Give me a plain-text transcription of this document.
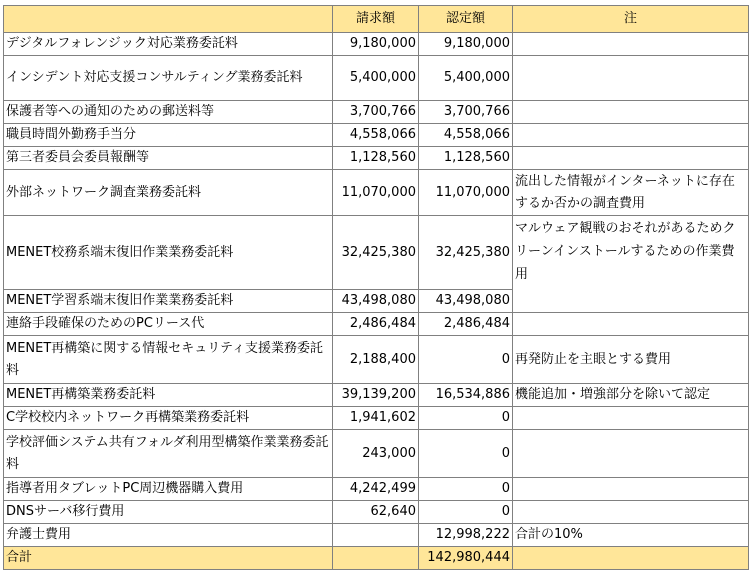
	請求額	認定額	注
デジタルフォレンジック対応業務委託料	9,180,000	9,180,000	
インシデント対応支援コンサルティング業務委託料	5,400,000	5,400,000	
保護者等への通知のための郵送料等	3,700,766	3,700,766	
職員時間外勤務手当分	4,558,066	4,558,066	
第三者委員会委員報酬等	1,128,560	1,128,560	
外部ネットワーク調査業務委託料	11,070,000	11,070,000	流出した情報がインターネットに存在するか否かの調査費用
MENET校務系端末復旧作業業務委託料	32,425,380	32,425,380	マルウェア観戦のおそれがあるためクリーンインストールするための作業費用
MENET学習系端末復旧作業業務委託料	43,498,080	43,498,080	
連絡手段確保のためのPCリース代	2,486,484	2,486,484	
MENET再構築に関する情報セキュリティ支援業務委託料	2,188,400	0	再発防止を主眼とする費用
MENET再構築業務委託料	39,139,200	16,534,886	機能追加・増強部分を除いて認定
C学校校内ネットワーク再構築業務委託料	1,941,602	0	
学校評価システム共有フォルダ利用型構築作業業務委託料	243,000	0	
指導者用タブレットPC周辺機器購入費用	4,242,499	0	
DNSサーバ移行費用	62,640	0	
弁護士費用		12,998,222	合計の10%
合計		142,980,444	
